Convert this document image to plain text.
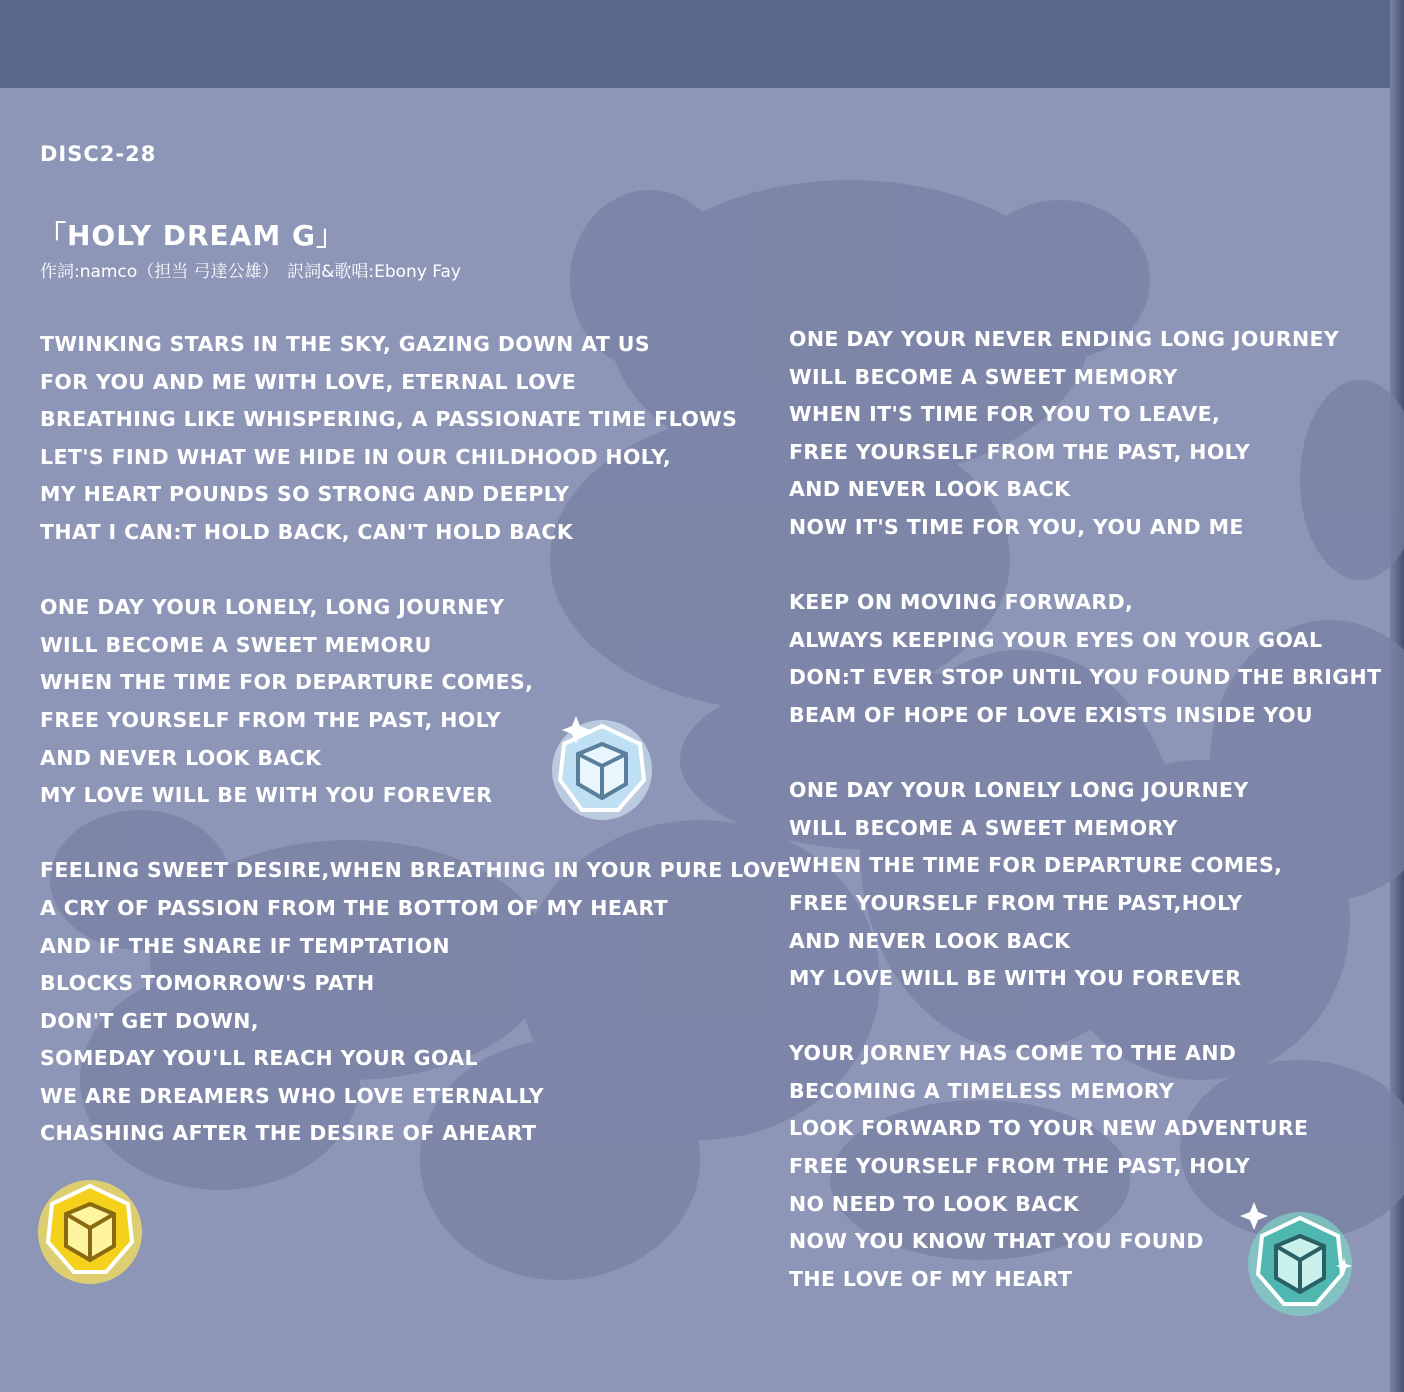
DISC2-28
「HOLY DREAM G」
作詞:namco（担当 弓達公雄）　訳詞&歌唱:Ebony Fay
TWINKING STARS IN THE SKY, GAZING DOWN AT US
FOR YOU AND ME WITH LOVE, ETERNAL LOVE
BREATHING LIKE WHISPERING, A PASSIONATE TIME FLOWS
LET'S FIND WHAT WE HIDE IN OUR CHILDHOOD HOLY,
MY HEART POUNDS SO STRONG AND DEEPLY
THAT I CAN:T HOLD BACK, CAN'T HOLD BACK
ONE DAY YOUR LONELY, LONG JOURNEY
WILL BECOME A SWEET MEMORU
WHEN THE TIME FOR DEPARTURE COMES,
FREE YOURSELF FROM THE PAST, HOLY
AND NEVER LOOK BACK
MY LOVE WILL BE WITH YOU FOREVER
FEELING SWEET DESIRE,WHEN BREATHING IN YOUR PURE LOVE
A CRY OF PASSION FROM THE BOTTOM OF MY HEART
AND IF THE SNARE IF TEMPTATION
BLOCKS TOMORROW'S PATH
DON'T GET DOWN,
SOMEDAY YOU'LL REACH YOUR GOAL
WE ARE DREAMERS WHO LOVE ETERNALLY
CHASHING AFTER THE DESIRE OF AHEART
ONE DAY YOUR NEVER ENDING LONG JOURNEY
WILL BECOME A SWEET MEMORY
WHEN IT'S TIME FOR YOU TO LEAVE,
FREE YOURSELF FROM THE PAST, HOLY
AND NEVER LOOK BACK
NOW IT'S TIME FOR YOU, YOU AND ME
KEEP ON MOVING FORWARD,
ALWAYS KEEPING YOUR EYES ON YOUR GOAL
DON:T EVER STOP UNTIL YOU FOUND THE BRIGHT
BEAM OF HOPE OF LOVE EXISTS INSIDE YOU
ONE DAY YOUR LONELY LONG JOURNEY
WILL BECOME A SWEET MEMORY
WHEN THE TIME FOR DEPARTURE COMES,
FREE YOURSELF FROM THE PAST,HOLY
AND NEVER LOOK BACK
MY LOVE WILL BE WITH YOU FOREVER
YOUR JORNEY HAS COME TO THE AND
BECOMING A TIMELESS MEMORY
LOOK FORWARD TO YOUR NEW ADVENTURE
FREE YOURSELF FROM THE PAST, HOLY
NO NEED TO LOOK BACK
NOW YOU KNOW THAT YOU FOUND
THE LOVE OF MY HEART
